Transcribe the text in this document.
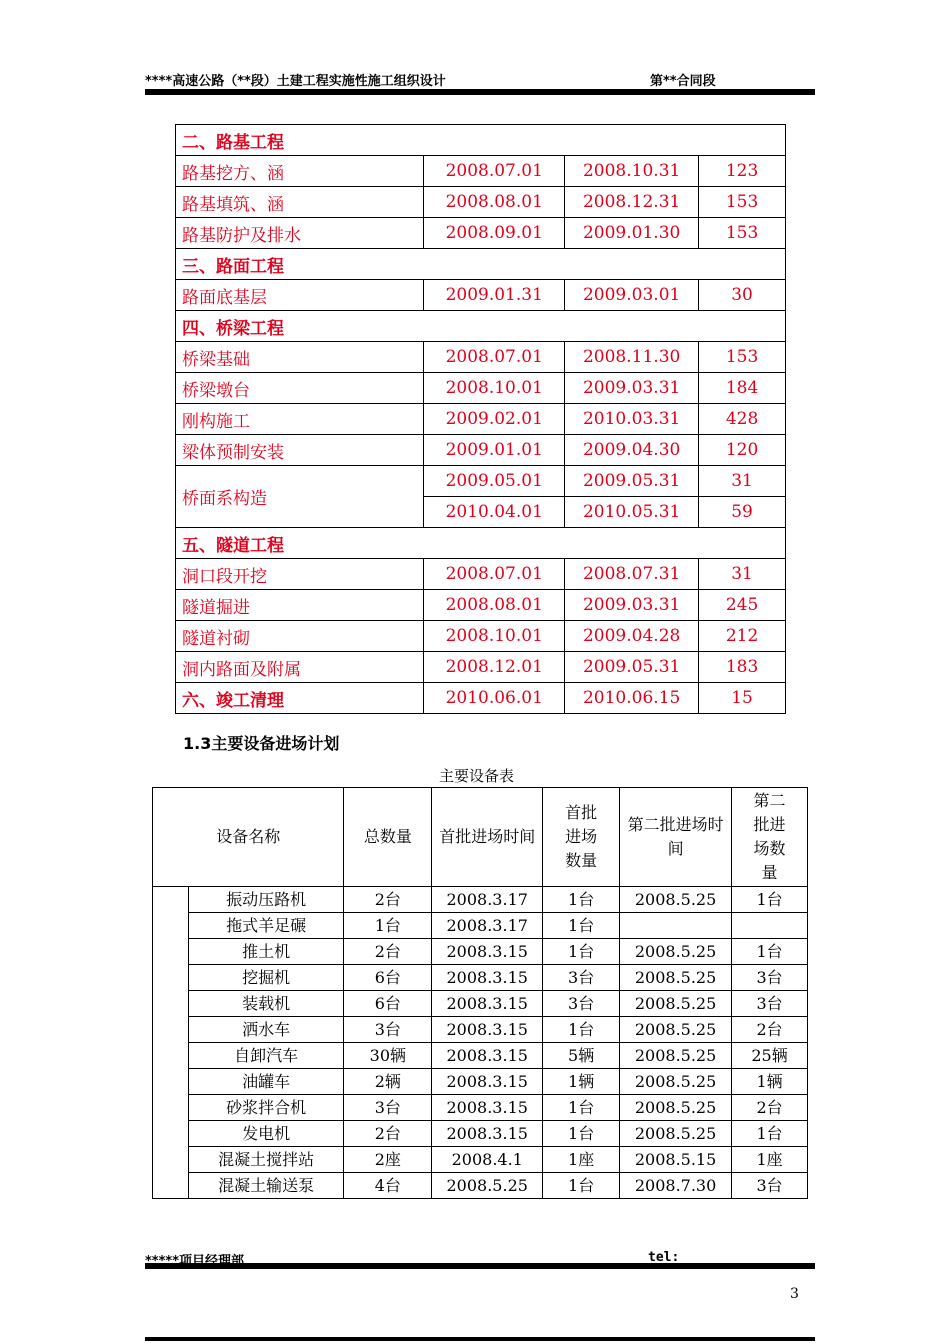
****高速公路（**段）土建工程实施性施工组织设计	第**合同段
二、路基工程			
路基挖方、涵	2008.07.01	2008.10.31	123
路基填筑、涵	2008.08.01	2008.12.31	153
路基防护及排水	2008.09.01	2009.01.30	153
三、路面工程			
路面底基层	2009.01.31	2009.03.01	30
四、桥梁工程			
桥梁基础	2008.07.01	2008.11.30	153
桥梁墩台	2008.10.01	2009.03.31	184
刚构施工	2009.02.01	2010.03.31	428
梁体预制安装	2009.01.01	2009.04.30	120
桥面系构造	2009.05.01	2009.05.31	31
	2010.04.01	2010.05.31	59
五、隧道工程			
洞口段开挖	2008.07.01	2008.07.31	31
隧道掘进	2008.08.01	2009.03.31	245
隧道衬砌	2008.10.01	2009.04.28	212
洞内路面及附属	2008.12.01	2009.05.31	183
六、竣工清理	2010.06.01	2010.06.15	15
1.3主要设备进场计划
主要设备表
设备名称		总数量	首批进场时间	首批进场数量	第二批进场时间	第二批进场数量

	振动压路机	2台	2008.3.17	1台	2008.5.25	1台
	拖式羊足碾	1台	2008.3.17	1台		
	推土机	2台	2008.3.15	1台	2008.5.25	1台
	挖掘机	6台	2008.3.15	3台	2008.5.25	3台
	装载机	6台	2008.3.15	3台	2008.5.25	3台
	洒水车	3台	2008.3.15	1台	2008.5.25	2台
	自卸汽车	30辆	2008.3.15	5辆	2008.5.25	25辆
	油罐车	2辆	2008.3.15	1辆	2008.5.25	1辆
	砂浆拌合机	3台	2008.3.15	1台	2008.5.25	2台
	发电机	2台	2008.3.15	1台	2008.5.25	1台
	混凝土搅拌站	2座	2008.4.1	1座	2008.5.15	1座
	混凝土输送泵	4台	2008.5.25	1台	2008.7.30	3台
*****项目经理部	tel:
3
